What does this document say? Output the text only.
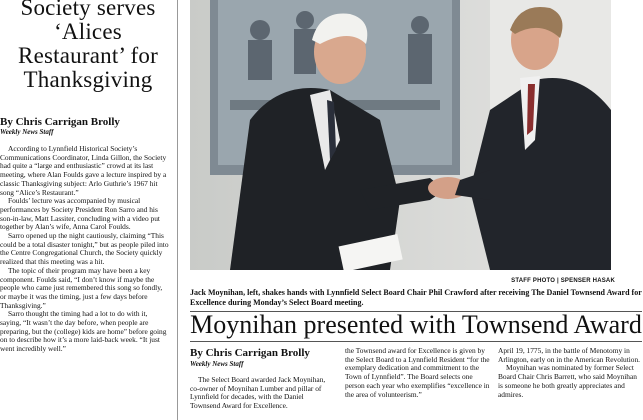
Society serves ‘Alices Restaurant’ for Thanksgiving
By Chris Carrigan Brolly
Weekly News Staff

According to Lynnfield Historical Society’s Communications Coordinator, Linda Gillon, the Society had quite a “large and enthusiastic” crowd at its last meeting, where Alan Foulds gave a lecture inspired by a classic Thanksgiving subject: Arlo Guthrie’s 1967 hit song “Alice’s Restaurant.”

Foulds’ lecture was accompanied by musical performances by Society President Ron Sarro and his son-in-law, Matt Lassiter, concluding with a video put together by Alan’s wife, Anna Carol Foulds.

Sarro opened up the night cautiously, claiming “This could be a total disaster tonight,” but as people piled into the Centre Congregational Church, the Society quickly realized that this meeting was a hit.

The topic of their program may have been a key component. Foulds said, “I don’t know if maybe the people who came just remembered this song so fondly, or maybe it was the timing, just a few days before Thanksgiving.”

Sarro thought the timing had a lot to do with it, saying, “It wasn’t the day before, when people are preparing, but the (college) kids are home” before going on to describe how it’s a more laid-back week. “It just went incredibly well.”

STAFF PHOTO | SPENSER HASAK
Jack Moynihan, left, shakes hands with Lynnfield Select Board Chair Phil Crawford after receiving The Daniel Townsend Award for Excellence during Monday’s Select Board meeting.
Moynihan presented with Townsend Award
By Chris Carrigan Brolly
Weekly News Staff

The Select Board awarded Jack Moynihan, co-owner of Moynihan Lumber and pillar of Lynnfield for decades, with the Daniel Townsend Award for Excellence.

the Townsend award for Excellence is given by the Select Board to a Lynnfield Resident “for the exemplary dedication and commitment to the Town of Lynnfield”. The Board selects one person each year who exemplifies “excellence in the area of volunteerism.”

April 19, 1775, in the battle of Menotomy in Arlington, early on in the American Revolution.

Moynihan was nominated by former Select Board Chair Chris Barrett, who said Moynihan is someone he both greatly appreciates and admires.
